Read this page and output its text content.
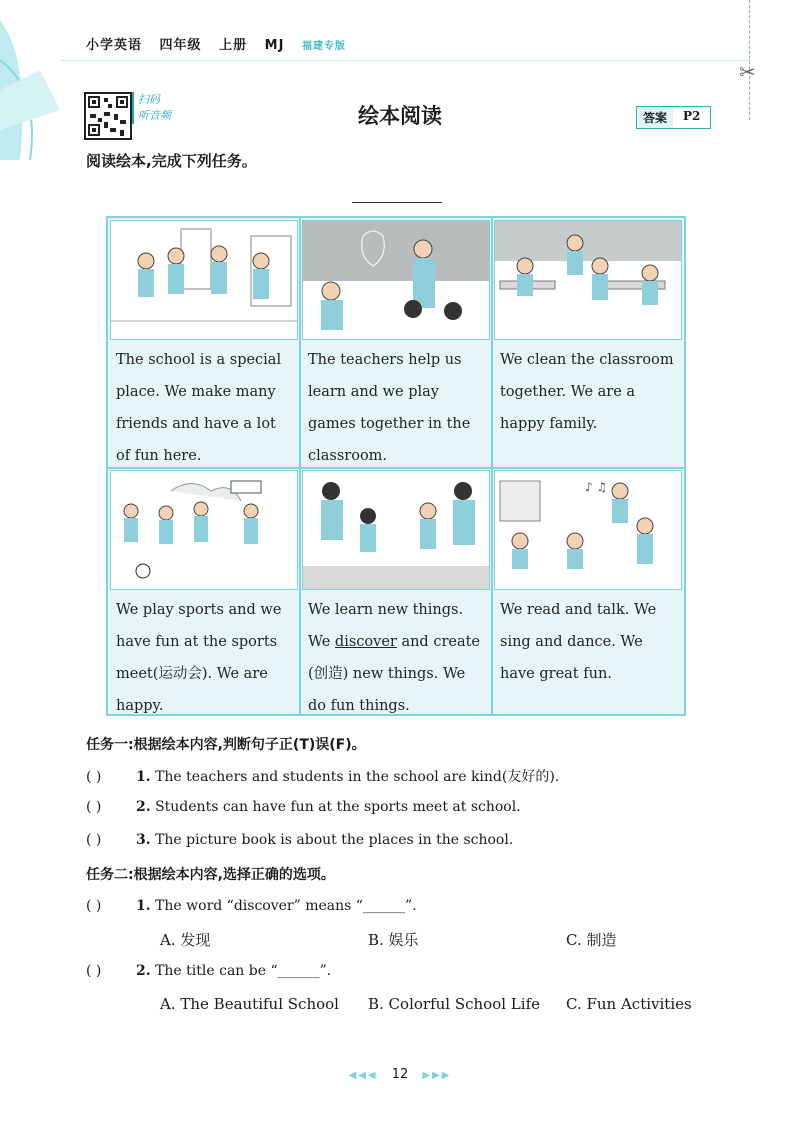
✂
小学英语 四年级 上册 MJ 福建专版
扫码
听音频	绘本阅读	答案	P2
阅读绘本,完成下列任务。
The school is a special place. We make many friends and have a lot of fun here.
The teachers help us learn and we play games together in the classroom.
We clean the classroom together. We are a happy family.
♪ ♫
We play sports and we have fun at the sports meet(运动会). We are happy.
We learn new things. We discover and create (创造) new things. We do fun things.
We read and talk. We sing and dance. We have great fun.
任务一:根据绘本内容,判断句子正(T)误(F)。
( ) 1. The teachers and students in the school are kind(友好的).
( ) 2. Students can have fun at the sports meet at school.
( ) 3. The picture book is about the places in the school.
任务二:根据绘本内容,选择正确的选项。
( ) 1. The word “discover” means “______”.
A. 发现	B. 娱乐	C. 制造
( ) 2. The title can be “______”.
A. The Beautiful School B. Colorful School Life C. Fun Activities
◀◀◀ 12 ▶▶▶
